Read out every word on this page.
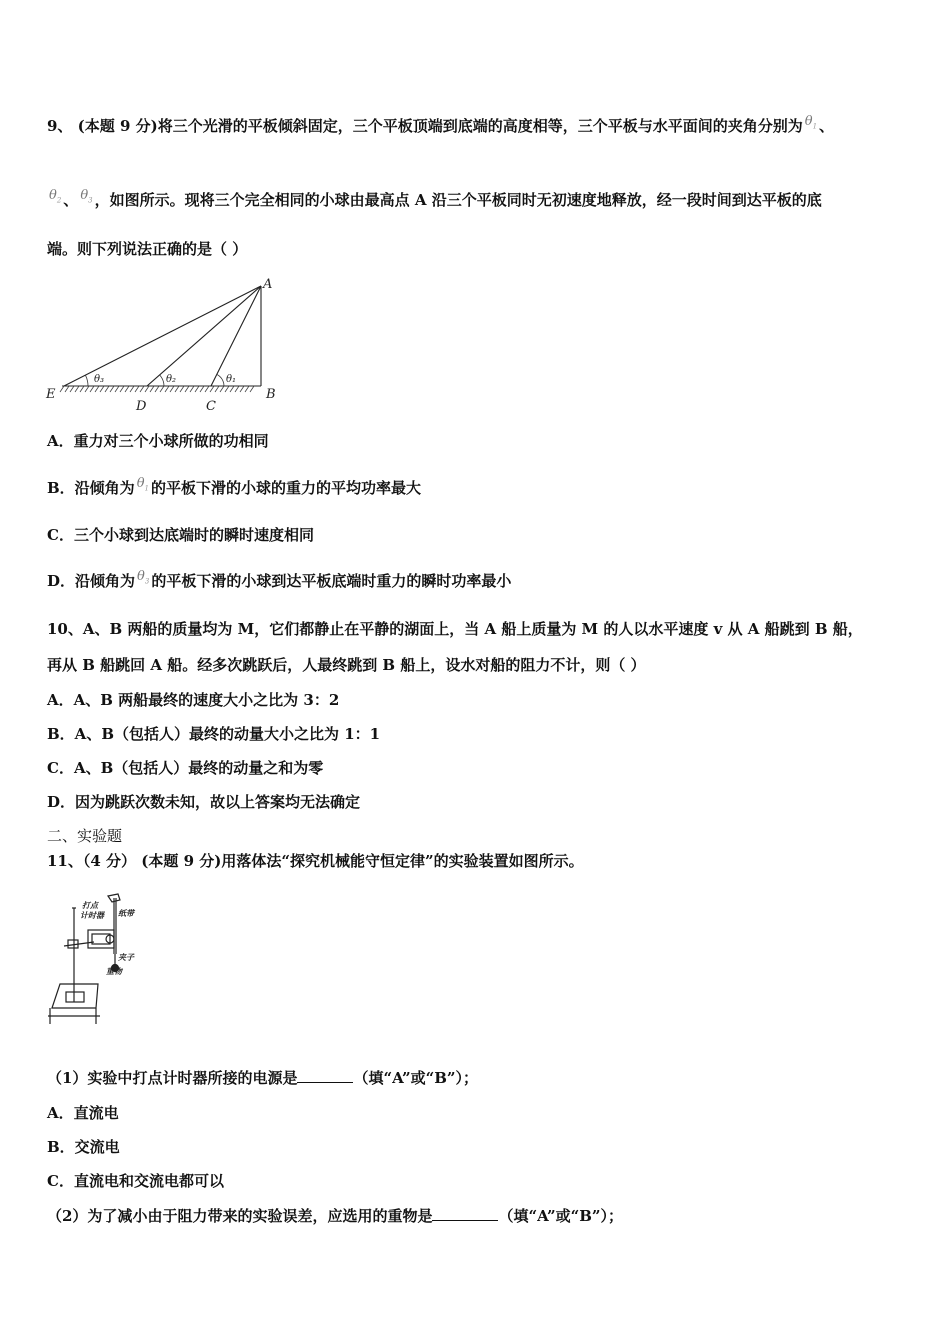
9、 (本题 9 分)将三个光滑的平板倾斜固定，三个平板顶端到底端的高度相等，三个平板与水平面间的夹角分别为 $\theta_1$ 、
$\theta_2$ 、 $\theta_3$ ，如图所示。现将三个完全相同的小球由最高点 A 沿三个平板同时无初速度地释放，经一段时间到达平板的底
端。则下列说法正确的是（ ）
A
B
C
D
E
θ₃	θ₂	θ₁
A．重力对三个小球所做的功相同
B．沿倾角为 $\theta_1$ 的平板下滑的小球的重力的平均功率最大
C．三个小球到达底端时的瞬时速度相同
D．沿倾角为 $\theta_3$ 的平板下滑的小球到达平板底端时重力的瞬时功率最小
10、A、B 两船的质量均为 M，它们都静止在平静的湖面上，当 A 船上质量为 M 的人以水平速度 v 从 A 船跳到 B 船，
再从 B 船跳回 A 船。经多次跳跃后，人最终跳到 B 船上，设水对船的阻力不计，则（ ）
A．A、B 两船最终的速度大小之比为 3：2
B．A、B（包括人）最终的动量大小之比为 1：1
C．A、B（包括人）最终的动量之和为零
D．因为跳跃次数未知，故以上答案均无法确定
二、实验题
11、（4 分） (本题 9 分)用落体法“探究机械能守恒定律”的实验装置如图所示。
打点
计时器 纸带
夹子
重物
（1）实验中打点计时器所接的电源是	（填“A”或“B”）；
A．直流电
B．交流电
C．直流电和交流电都可以
（2）为了减小由于阻力带来的实验误差，应选用的重物是	（填“A”或“B”）；
